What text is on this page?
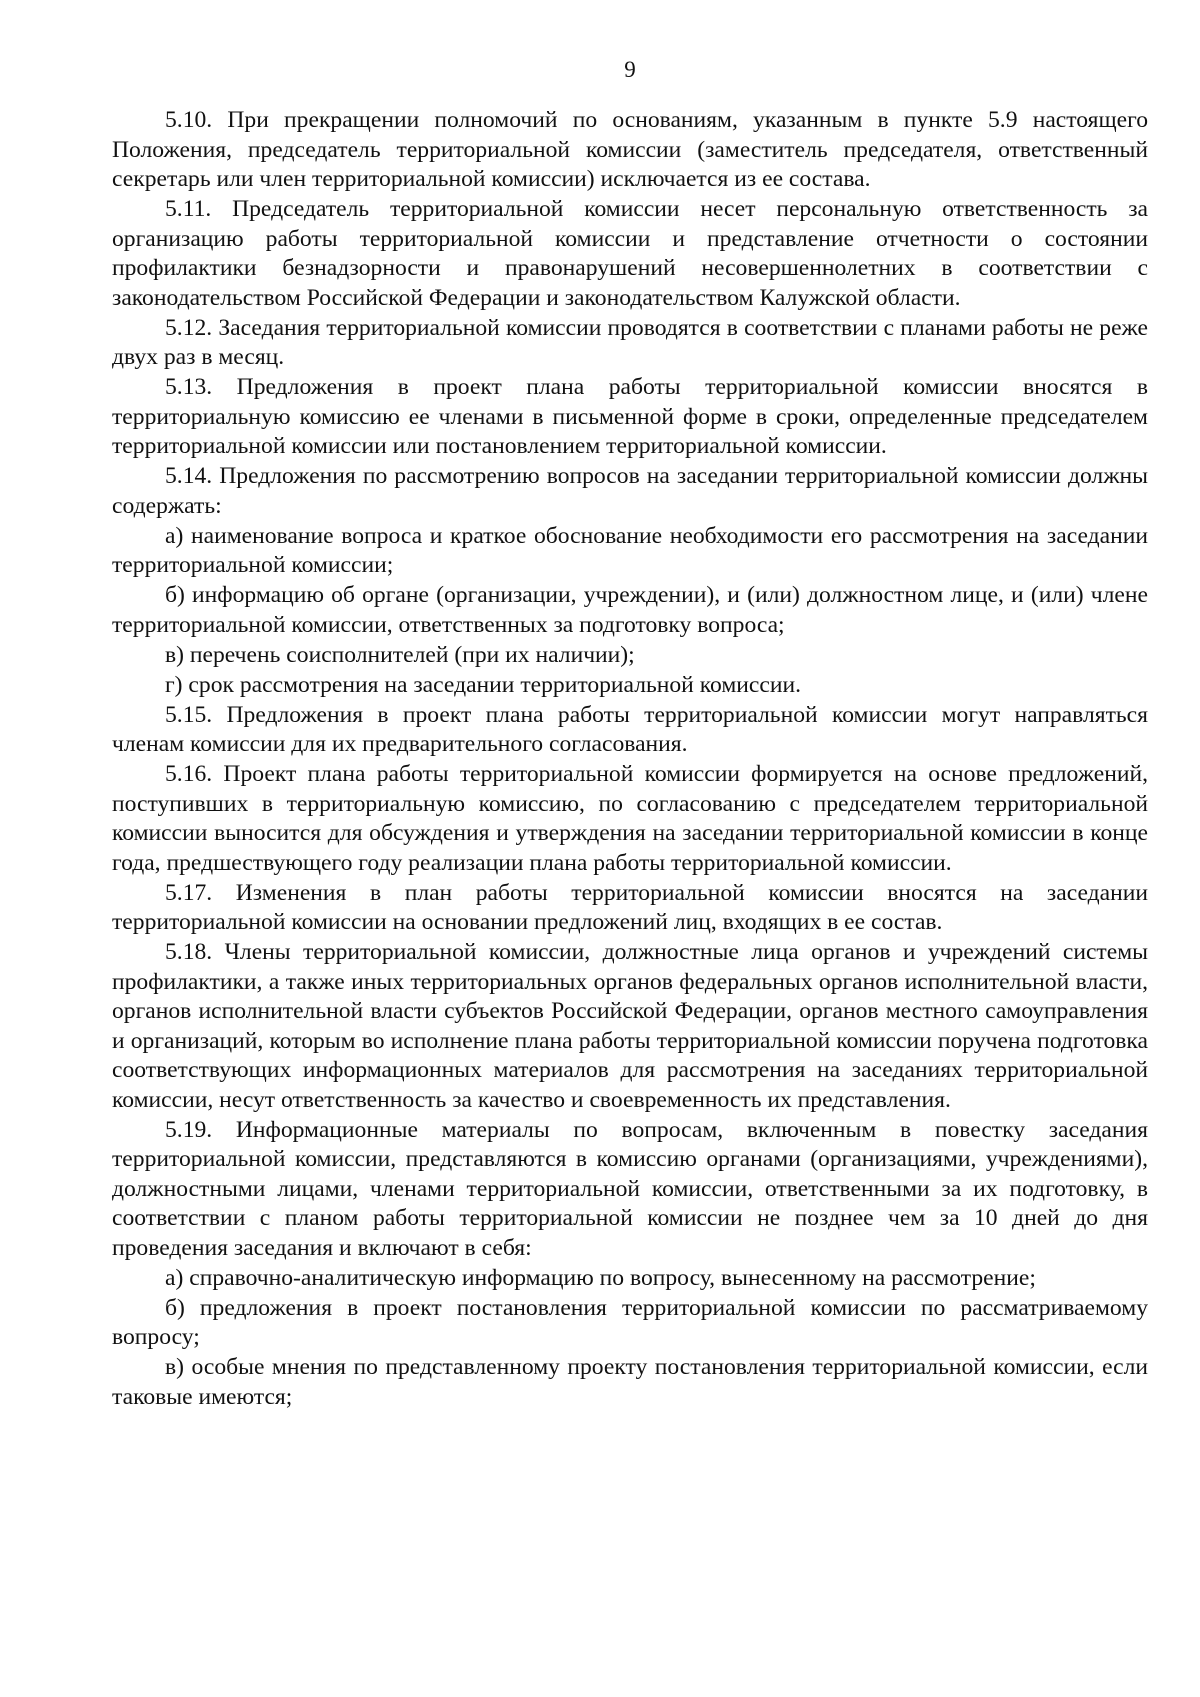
9

5.10. При прекращении полномочий по основаниям, указанным в пункте 5.9 настоящего Положения, председатель территориальной комиссии (заместитель председателя, ответственный секретарь или член территориальной комиссии) исключается из ее состава.

5.11. Председатель территориальной комиссии несет персональную ответственность за организацию работы территориальной комиссии и представление отчетности о состоянии профилактики безнадзорности и правонарушений несовершеннолетних в соответствии с законодательством Российской Федерации и законодательством Калужской области.

5.12. Заседания территориальной комиссии проводятся в соответствии с планами работы не реже двух раз в месяц.

5.13. Предложения в проект плана работы территориальной комиссии вносятся в территориальную комиссию ее членами в письменной форме в сроки, определенные председателем территориальной комиссии или постановлением территориальной комиссии.

5.14. Предложения по рассмотрению вопросов на заседании территориальной комиссии должны содержать:

а) наименование вопроса и краткое обоснование необходимости его рассмотрения на заседании территориальной комиссии;

б) информацию об органе (организации, учреждении), и (или) должностном лице, и (или) члене территориальной комиссии, ответственных за подготовку вопроса;

в) перечень соисполнителей (при их наличии);

г) срок рассмотрения на заседании территориальной комиссии.

5.15. Предложения в проект плана работы территориальной комиссии могут направляться членам комиссии для их предварительного согласования.

5.16. Проект плана работы территориальной комиссии формируется на основе предложений, поступивших в территориальную комиссию, по согласованию с председателем территориальной комиссии выносится для обсуждения и утверждения на заседании территориальной комиссии в конце года, предшествующего году реализации плана работы территориальной комиссии.

5.17. Изменения в план работы территориальной комиссии вносятся на заседании территориальной комиссии на основании предложений лиц, входящих в ее состав.

5.18. Члены территориальной комиссии, должностные лица органов и учреждений системы профилактики, а также иных территориальных органов федеральных органов исполнительной власти, органов исполнительной власти субъектов Российской Федерации, органов местного самоуправления и организаций, которым во исполнение плана работы территориальной комиссии поручена подготовка соответствующих информационных материалов для рассмотрения на заседаниях территориальной комиссии, несут ответственность за качество и своевременность их представления.

5.19. Информационные материалы по вопросам, включенным в повестку заседания территориальной комиссии, представляются в комиссию органами (организациями, учреждениями), должностными лицами, членами территориальной комиссии, ответственными за их подготовку, в соответствии с планом работы территориальной комиссии не позднее чем за 10 дней до дня проведения заседания и включают в себя:

а) справочно-аналитическую информацию по вопросу, вынесенному на рассмотрение;

б) предложения в проект постановления территориальной комиссии по рассматриваемому вопросу;

в) особые мнения по представленному проекту постановления территориальной комиссии, если таковые имеются;
